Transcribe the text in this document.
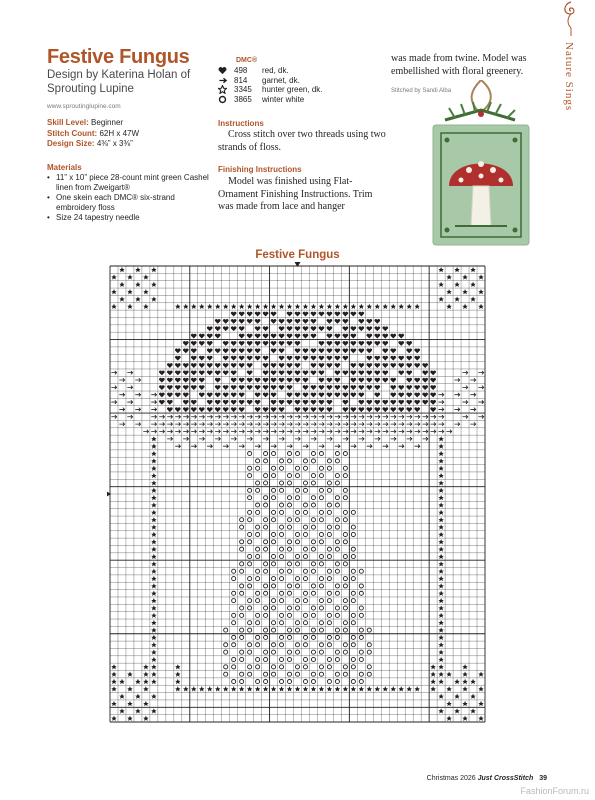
Festive Fungus
Design by Katerina Holan of Sprouting Lupine
www.sproutinglupine.com
Skill Level: Beginner
Stitch Count: 62H x 47W
Design Size: 4⅜” x 3⅜”
Materials
• 11” x 10” piece 28-count mint green Cashel linen from Zweigart®
• One skein each DMC® six-strand embroidery floss
• Size 24 tapestry needle
DMC®
498	red, dk.
814	garnet, dk.
3345	hunter green, dk.
3865	winter white
Instructions
Cross stitch over two threads using two strands of floss.
Finishing Instructions
Model was finished using Flat-Ornament Finishing Instructions. Trim was made from lace and hanger
was made from twine. Model was embellished with floral greenery.
Stitched by Sandi Alba	Nature Sings
Festive Fungus
Christmas 2026 Just CrossStitch 39
FashionForum.ru
